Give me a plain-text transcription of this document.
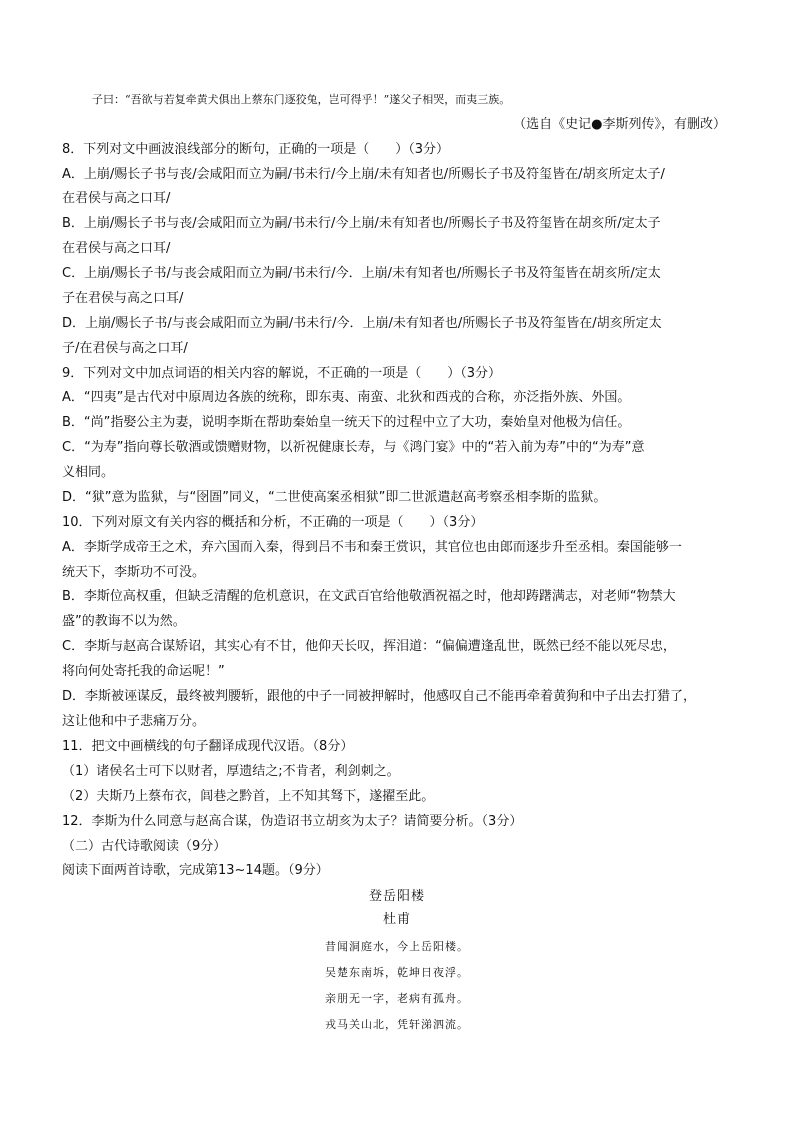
子曰：“吾欲与若复牵黄犬俱出上蔡东门逐狡兔，岂可得乎！”遂父子相哭，而夷三族。
（选自《史记●李斯列传》，有删改）
8．下列对文中画波浪线部分的断句，正确的一项是（　　）（3分）
A．上崩/赐长子书与丧/会咸阳而立为嗣/书未行/今上崩/未有知者也/所赐长子书及符玺皆在/胡亥所定太子/
在君侯与高之口耳/
B．上崩/赐长子书与丧/会咸阳而立为嗣/书未行/今上崩/未有知者也/所赐长子书及符玺皆在胡亥所/定太子
在君侯与高之口耳/
C．上崩/赐长子书/与丧会咸阳而立为嗣/书未行/今．上崩/未有知者也/所赐长子书及符玺皆在胡亥所/定太
子在君侯与高之口耳/
D．上崩/赐长子书/与丧会咸阳而立为嗣/书未行/今．上崩/未有知者也/所赐长子书及符玺皆在/胡亥所定太
子/在君侯与高之口耳/
9．下列对文中加点词语的相关内容的解说，不正确的一项是（　　）（3分）
A．“四夷”是古代对中原周边各族的统称，即东夷、南蛮、北狄和西戎的合称，亦泛指外族、外国。
B．“尚”指娶公主为妻，说明李斯在帮助秦始皇一统天下的过程中立了大功，秦始皇对他极为信任。
C．“为寿”指向尊长敬酒或馈赠财物，以祈祝健康长寿，与《鸿门宴》中的“若入前为寿”中的“为寿”意
义相同。
D．“狱”意为监狱，与“囹圄”同义，“二世使高案丞相狱”即二世派遣赵高考察丞相李斯的监狱。
10．下列对原文有关内容的概括和分析，不正确的一项是（　　）（3分）
A．李斯学成帝王之术，弃六国而入秦，得到吕不韦和秦王赏识，其官位也由郎而逐步升至丞相。秦国能够一
统天下，李斯功不可没。
B．李斯位高权重，但缺乏清醒的危机意识，在文武百官给他敬酒祝福之时，他却踌躇满志，对老师“物禁大
盛”的教诲不以为然。
C．李斯与赵高合谋矫诏，其实心有不甘，他仰天长叹，挥泪道：“偏偏遭逢乱世，既然已经不能以死尽忠，
将向何处寄托我的命运呢！”
D．李斯被诬谋反，最终被判腰斩，跟他的中子一同被押解时，他感叹自己不能再牵着黄狗和中子出去打猎了，
这让他和中子悲痛万分。
11．把文中画横线的句子翻译成现代汉语。（8分）
（1）诸侯名士可下以财者，厚遗结之;不肯者，利剑刺之。
（2）夫斯乃上蔡布衣，闾巷之黔首，上不知其驽下，遂擢至此。
12．李斯为什么同意与赵高合谋，伪造诏书立胡亥为太子？请简要分析。（3分）
（二）古代诗歌阅读（9分）
阅读下面两首诗歌，完成第13~14题。（9分）
登岳阳楼
杜甫
昔闻洞庭水，今上岳阳楼。
吴楚东南坼，乾坤日夜浮。
亲朋无一字，老病有孤舟。
戎马关山北，凭轩涕泗流。
